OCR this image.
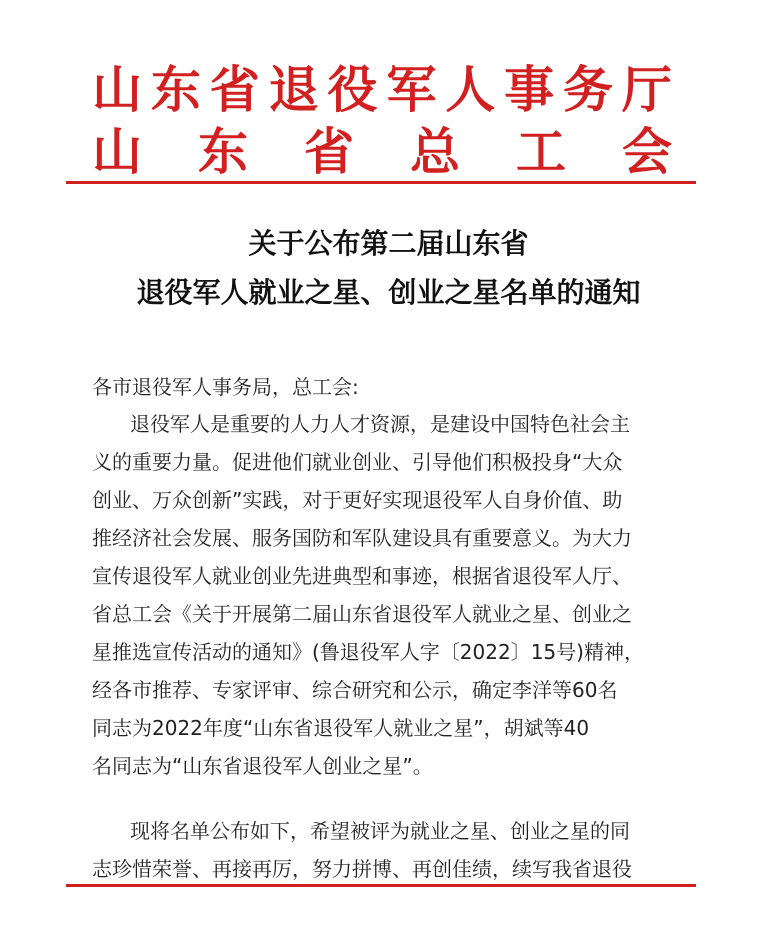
山 东 省 退 役 军 人 事 务 厅
山 东 省 总 工 会
关于公布第二届山东省
退役军人就业之星、创业之星名单的通知
各市退役军人事务局，总工会:
退役军人是重要的人力人才资源，是建设中国特色社会主
义的重要力量。促进他们就业创业、引导他们积极投身“大众
创业、万众创新”实践，对于更好实现退役军人自身价值、助
推经济社会发展、服务国防和军队建设具有重要意义。为大力
宣传退役军人就业创业先进典型和事迹，根据省退役军人厅、
省总工会《关于开展第二届山东省退役军人就业之星、创业之
星推选宣传活动的通知》(鲁退役军人字〔2022〕15号)精神，
经各市推荐、专家评审、综合研究和公示，确定李洋等60名
同志为2022年度“山东省退役军人就业之星”，胡斌等40
名同志为“山东省退役军人创业之星”。
现将名单公布如下，希望被评为就业之星、创业之星的同
志珍惜荣誉、再接再厉，努力拼博、再创佳绩，续写我省退役
